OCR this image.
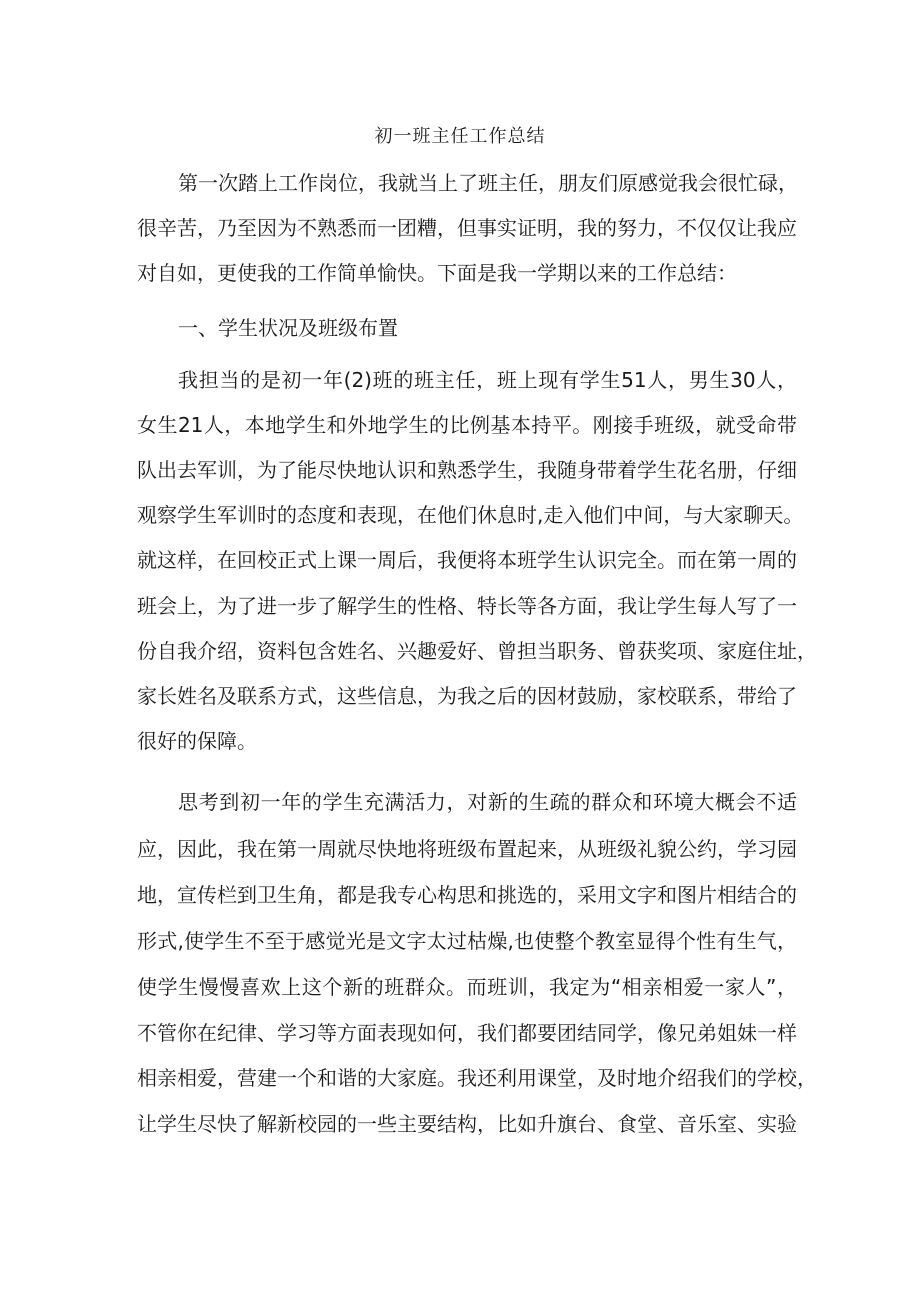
初一班主任工作总结
第一次踏上工作岗位，我就当上了班主任，朋友们原感觉我会很忙碌，
很辛苦，乃至因为不熟悉而一团糟，但事实证明，我的努力，不仅仅让我应
对自如，更使我的工作简单愉快。下面是我一学期以来的工作总结：
一、学生状况及班级布置
我担当的是初一年(2)班的班主任，班上现有学生51人，男生30人，
女生21人，本地学生和外地学生的比例基本持平。刚接手班级，就受命带
队出去军训，为了能尽快地认识和熟悉学生，我随身带着学生花名册，仔细
观察学生军训时的态度和表现，在他们休息时,走入他们中间，与大家聊天。
就这样，在回校正式上课一周后，我便将本班学生认识完全。而在第一周的
班会上，为了进一步了解学生的性格、特长等各方面，我让学生每人写了一
份自我介绍，资料包含姓名、兴趣爱好、曾担当职务、曾获奖项、家庭住址，
家长姓名及联系方式，这些信息，为我之后的因材鼓励，家校联系，带给了
很好的保障。
思考到初一年的学生充满活力，对新的生疏的群众和环境大概会不适
应，因此，我在第一周就尽快地将班级布置起来，从班级礼貌公约，学习园
地，宣传栏到卫生角，都是我专心构思和挑选的，采用文字和图片相结合的
形式,使学生不至于感觉光是文字太过枯燥,也使整个教室显得个性有生气，
使学生慢慢喜欢上这个新的班群众。而班训，我定为“相亲相爱一家人”，
不管你在纪律、学习等方面表现如何，我们都要团结同学，像兄弟姐妹一样
相亲相爱，营建一个和谐的大家庭。我还利用课堂，及时地介绍我们的学校，
让学生尽快了解新校园的一些主要结构，比如升旗台、食堂、音乐室、实验
